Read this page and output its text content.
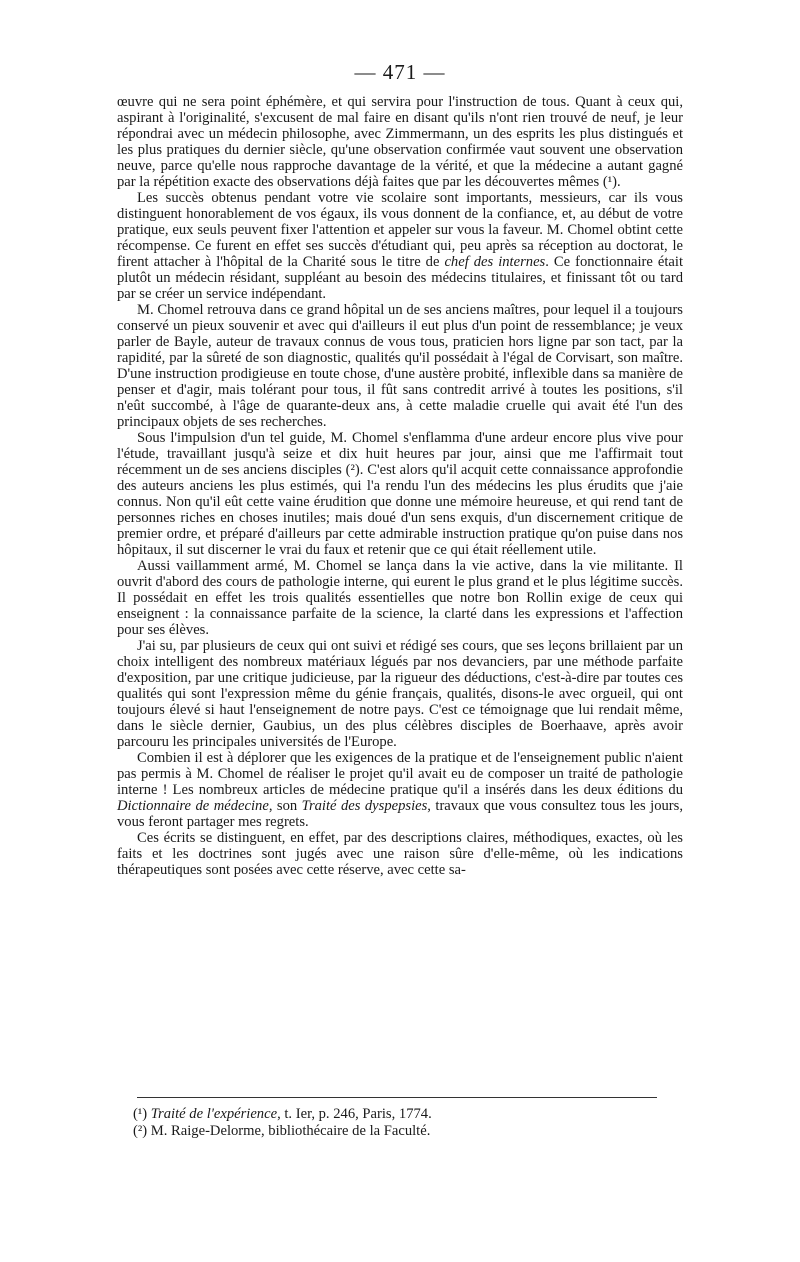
— 471 —

œuvre qui ne sera point éphémère, et qui servira pour l'instruction de tous. Quant à ceux qui, aspirant à l'originalité, s'excusent de mal faire en disant qu'ils n'ont rien trouvé de neuf, je leur répondrai avec un médecin philosophe, avec Zimmermann, un des esprits les plus distingués et les plus pratiques du dernier siècle, qu'une observation confirmée vaut souvent une observation neuve, parce qu'elle nous rapproche davantage de la vérité, et que la médecine a autant gagné par la répétition exacte des observations déjà faites que par les découvertes mêmes (¹).

Les succès obtenus pendant votre vie scolaire sont importants, messieurs, car ils vous distinguent honorablement de vos égaux, ils vous donnent de la confiance, et, au début de votre pratique, eux seuls peuvent fixer l'attention et appeler sur vous la faveur. M. Chomel obtint cette récompense. Ce furent en effet ses succès d'étudiant qui, peu après sa réception au doctorat, le firent attacher à l'hôpital de la Charité sous le titre de chef des internes. Ce fonctionnaire était plutôt un médecin résidant, suppléant au besoin des médecins titulaires, et finissant tôt ou tard par se créer un service indépendant.

M. Chomel retrouva dans ce grand hôpital un de ses anciens maîtres, pour lequel il a toujours conservé un pieux souvenir et avec qui d'ailleurs il eut plus d'un point de ressemblance; je veux parler de Bayle, auteur de travaux connus de vous tous, praticien hors ligne par son tact, par la rapidité, par la sûreté de son diagnostic, qualités qu'il possédait à l'égal de Corvisart, son maître. D'une instruction prodigieuse en toute chose, d'une austère probité, inflexible dans sa manière de penser et d'agir, mais tolérant pour tous, il fût sans contredit arrivé à toutes les positions, s'il n'eût succombé, à l'âge de quarante-deux ans, à cette maladie cruelle qui avait été l'un des principaux objets de ses recherches.

Sous l'impulsion d'un tel guide, M. Chomel s'enflamma d'une ardeur encore plus vive pour l'étude, travaillant jusqu'à seize et dix huit heures par jour, ainsi que me l'affirmait tout récemment un de ses anciens disciples (²). C'est alors qu'il acquit cette connaissance approfondie des auteurs anciens les plus estimés, qui l'a rendu l'un des médecins les plus érudits que j'aie connus. Non qu'il eût cette vaine érudition que donne une mémoire heureuse, et qui rend tant de personnes riches en choses inutiles; mais doué d'un sens exquis, d'un discernement critique de premier ordre, et préparé d'ailleurs par cette admirable instruction pratique qu'on puise dans nos hôpitaux, il sut discerner le vrai du faux et retenir que ce qui était réellement utile.

Aussi vaillamment armé, M. Chomel se lança dans la vie active, dans la vie militante. Il ouvrit d'abord des cours de pathologie interne, qui eurent le plus grand et le plus légitime succès. Il possédait en effet les trois qualités essentielles que notre bon Rollin exige de ceux qui enseignent : la connaissance parfaite de la science, la clarté dans les expressions et l'affection pour ses élèves.

J'ai su, par plusieurs de ceux qui ont suivi et rédigé ses cours, que ses leçons brillaient par un choix intelligent des nombreux matériaux légués par nos devanciers, par une méthode parfaite d'exposition, par une critique judicieuse, par la rigueur des déductions, c'est-à-dire par toutes ces qualités qui sont l'expression même du génie français, qualités, disons-le avec orgueil, qui ont toujours élevé si haut l'enseignement de notre pays. C'est ce témoignage que lui rendait même, dans le siècle dernier, Gaubius, un des plus célèbres disciples de Boerhaave, après avoir parcouru les principales universités de l'Europe.

Combien il est à déplorer que les exigences de la pratique et de l'enseignement public n'aient pas permis à M. Chomel de réaliser le projet qu'il avait eu de composer un traité de pathologie interne ! Les nombreux articles de médecine pratique qu'il a insérés dans les deux éditions du Dictionnaire de médecine, son Traité des dyspepsies, travaux que vous consultez tous les jours, vous feront partager mes regrets.

Ces écrits se distinguent, en effet, par des descriptions claires, méthodiques, exactes, où les faits et les doctrines sont jugés avec une raison sûre d'elle-même, où les indications thérapeutiques sont posées avec cette réserve, avec cette sa-

(¹) Traité de l'expérience, t. Ier, p. 246, Paris, 1774.
(²) M. Raige-Delorme, bibliothécaire de la Faculté.
